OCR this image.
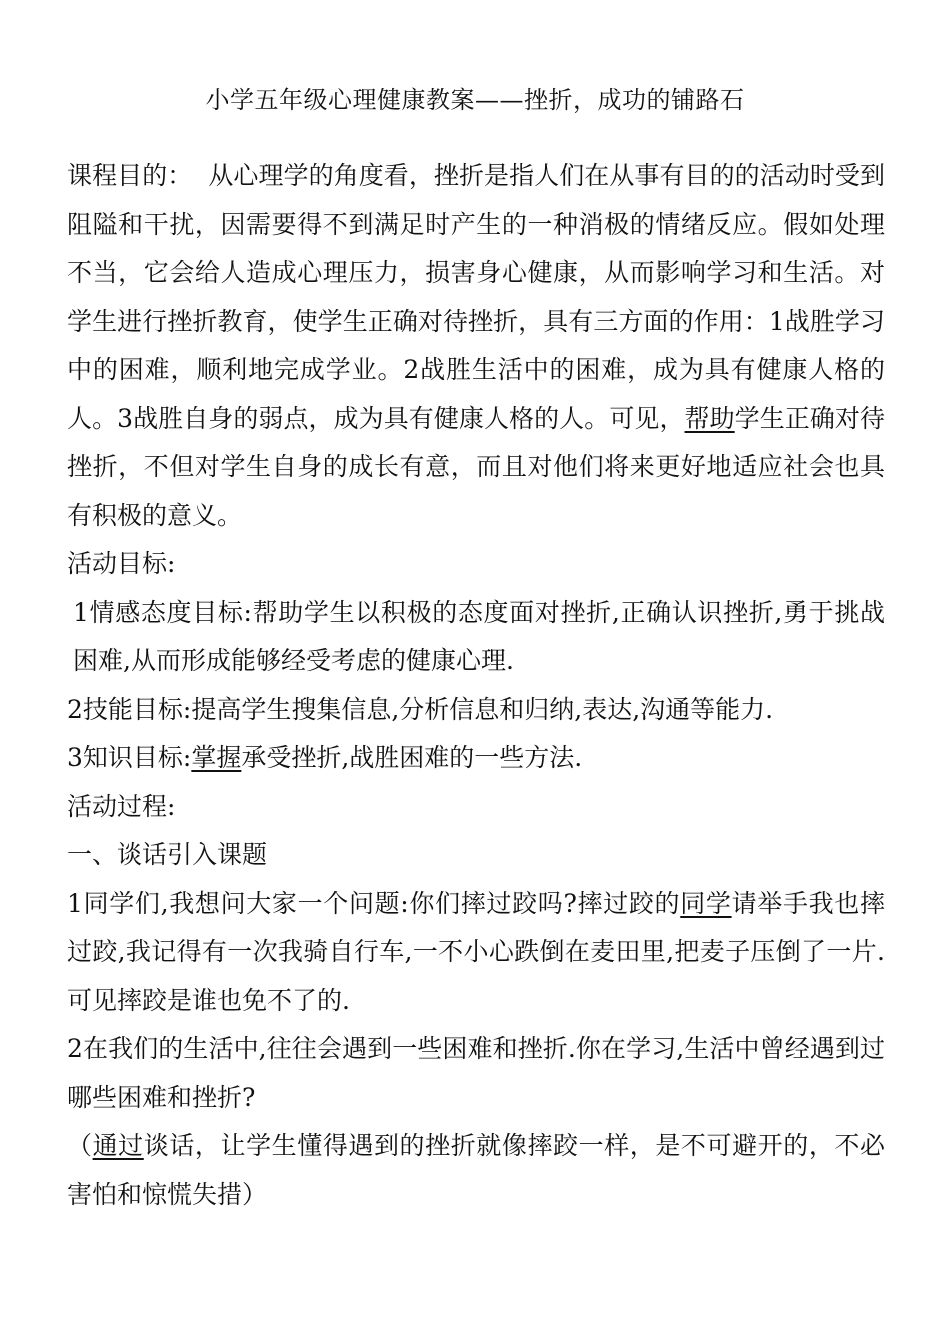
小学五年级心理健康教案——挫折，成功的铺路石

课程目的： 从心理学的角度看，挫折是指人们在从事有目的的活动时受到阻隘和干扰，因需要得不到满足时产生的一种消极的情绪反应。假如处理不当，它会给人造成心理压力，损害身心健康，从而影响学习和生活。对学生进行挫折教育，使学生正确对待挫折，具有三方面的作用：1战胜学习中的困难，顺利地完成学业。2战胜生活中的困难，成为具有健康人格的人。3战胜自身的弱点，成为具有健康人格的人。可见，帮助学生正确对待挫折，不但对学生自身的成长有意，而且对他们将来更好地适应社会也具有积极的意义。

活动目标:

1情感态度目标:帮助学生以积极的态度面对挫折,正确认识挫折,勇于挑战困难,从而形成能够经受考虑的健康心理.

2技能目标:提高学生搜集信息,分析信息和归纳,表达,沟通等能力.

3知识目标:掌握承受挫折,战胜困难的一些方法.

活动过程:

一、谈话引入课题

1同学们,我想问大家一个问题:你们摔过跤吗?摔过跤的同学请举手我也摔过跤,我记得有一次我骑自行车,一不小心跌倒在麦田里,把麦子压倒了一片.可见摔跤是谁也免不了的.

2在我们的生活中,往往会遇到一些困难和挫折.你在学习,生活中曾经遇到过哪些困难和挫折?

（通过谈话，让学生懂得遇到的挫折就像摔跤一样，是不可避开的，不必害怕和惊慌失措）
